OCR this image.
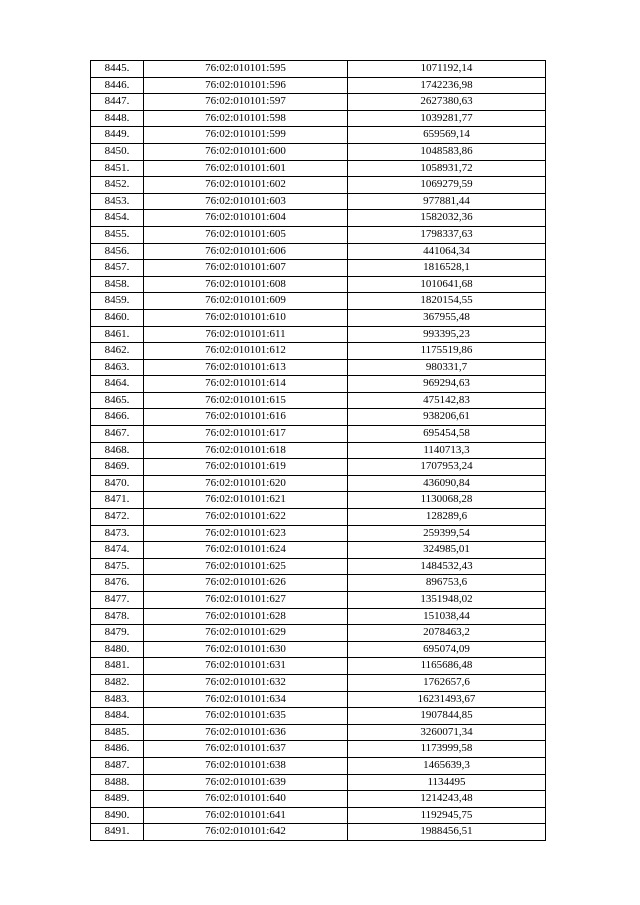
8445.	76:02:010101:595	1071192,14
8446.	76:02:010101:596	1742236,98
8447.	76:02:010101:597	2627380,63
8448.	76:02:010101:598	1039281,77
8449.	76:02:010101:599	659569,14
8450.	76:02:010101:600	1048583,86
8451.	76:02:010101:601	1058931,72
8452.	76:02:010101:602	1069279,59
8453.	76:02:010101:603	977881,44
8454.	76:02:010101:604	1582032,36
8455.	76:02:010101:605	1798337,63
8456.	76:02:010101:606	441064,34
8457.	76:02:010101:607	1816528,1
8458.	76:02:010101:608	1010641,68
8459.	76:02:010101:609	1820154,55
8460.	76:02:010101:610	367955,48
8461.	76:02:010101:611	993395,23
8462.	76:02:010101:612	1175519,86
8463.	76:02:010101:613	980331,7
8464.	76:02:010101:614	969294,63
8465.	76:02:010101:615	475142,83
8466.	76:02:010101:616	938206,61
8467.	76:02:010101:617	695454,58
8468.	76:02:010101:618	1140713,3
8469.	76:02:010101:619	1707953,24
8470.	76:02:010101:620	436090,84
8471.	76:02:010101:621	1130068,28
8472.	76:02:010101:622	128289,6
8473.	76:02:010101:623	259399,54
8474.	76:02:010101:624	324985,01
8475.	76:02:010101:625	1484532,43
8476.	76:02:010101:626	896753,6
8477.	76:02:010101:627	1351948,02
8478.	76:02:010101:628	151038,44
8479.	76:02:010101:629	2078463,2
8480.	76:02:010101:630	695074,09
8481.	76:02:010101:631	1165686,48
8482.	76:02:010101:632	1762657,6
8483.	76:02:010101:634	16231493,67
8484.	76:02:010101:635	1907844,85
8485.	76:02:010101:636	3260071,34
8486.	76:02:010101:637	1173999,58
8487.	76:02:010101:638	1465639,3
8488.	76:02:010101:639	1134495
8489.	76:02:010101:640	1214243,48
8490.	76:02:010101:641	1192945,75
8491.	76:02:010101:642	1988456,51
